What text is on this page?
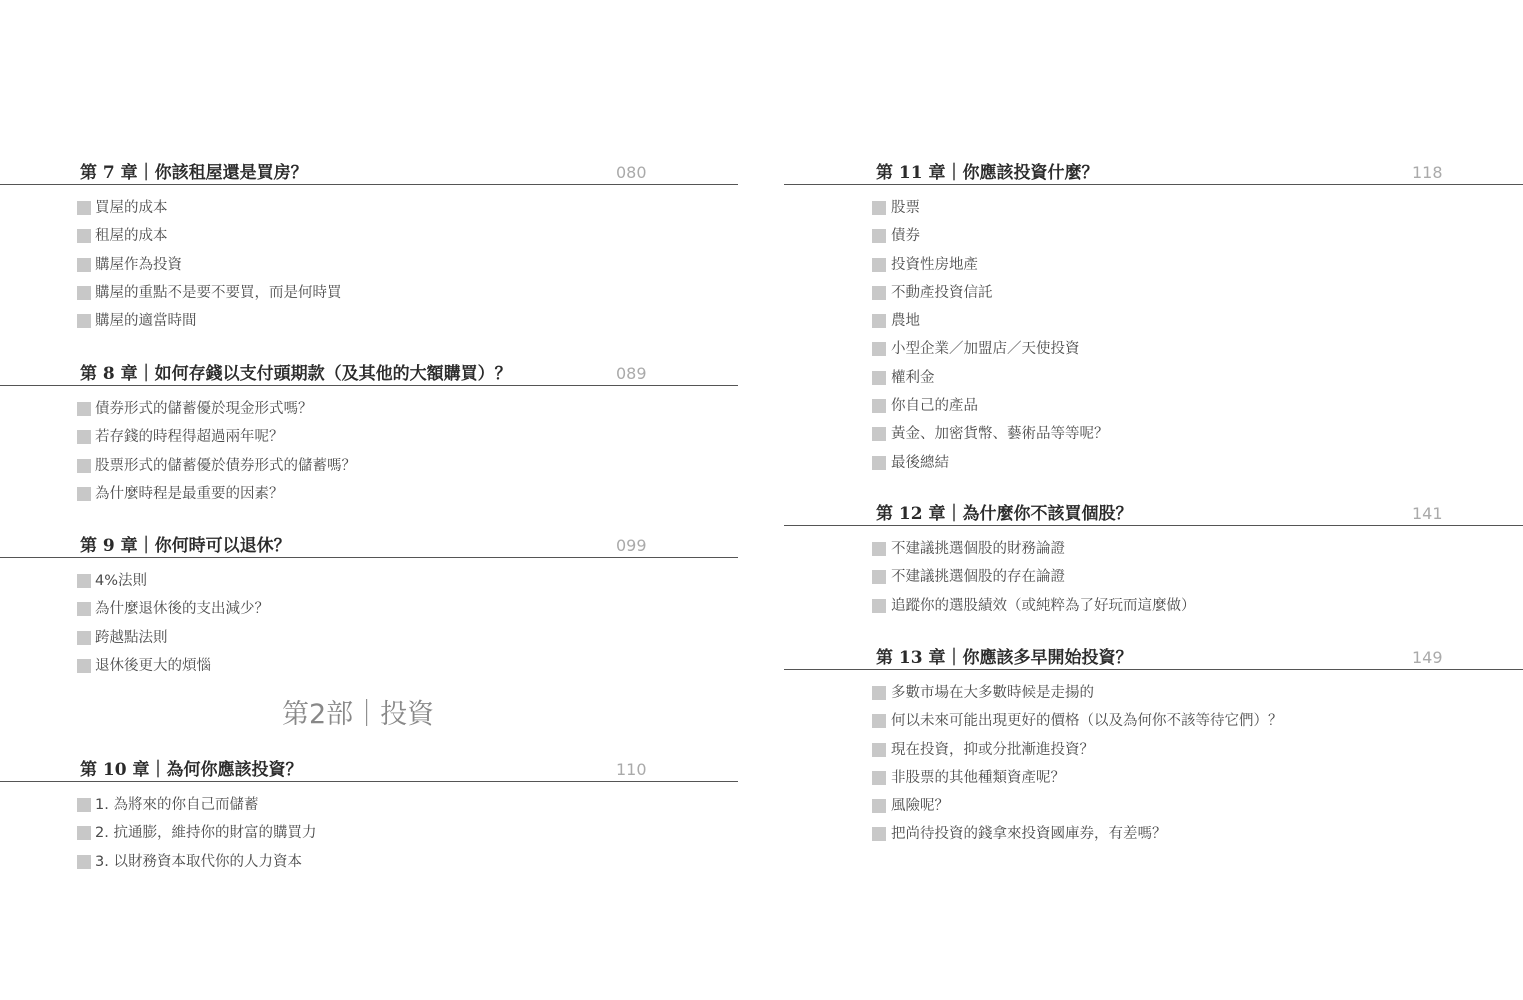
第 7 章｜你該租屋還是買房？	080
買屋的成本
租屋的成本
購屋作為投資
購屋的重點不是要不要買，而是何時買
購屋的適當時間
第 8 章｜如何存錢以支付頭期款（及其他的大額購買）？	089
債券形式的儲蓄優於現金形式嗎？
若存錢的時程得超過兩年呢？
股票形式的儲蓄優於債券形式的儲蓄嗎？
為什麼時程是最重要的因素？
第 9 章｜你何時可以退休？	099
4%法則
為什麼退休後的支出減少？
跨越點法則
退休後更大的煩惱
第2部｜投資
第 10 章｜為何你應該投資？	110
1. 為將來的你自己而儲蓄
2. 抗通膨，維持你的財富的購買力
3. 以財務資本取代你的人力資本
第 11 章｜你應該投資什麼？	118
股票
債券
投資性房地產
不動產投資信託
農地
小型企業／加盟店／天使投資
權利金
你自己的產品
黃金、加密貨幣、藝術品等等呢？
最後總結
第 12 章｜為什麼你不該買個股？	141
不建議挑選個股的財務論證
不建議挑選個股的存在論證
追蹤你的選股績效（或純粹為了好玩而這麼做）
第 13 章｜你應該多早開始投資？	149
多數市場在大多數時候是走揚的
何以未來可能出現更好的價格（以及為何你不該等待它們）？
現在投資，抑或分批漸進投資？
非股票的其他種類資產呢？
風險呢？
把尚待投資的錢拿來投資國庫券，有差嗎？
